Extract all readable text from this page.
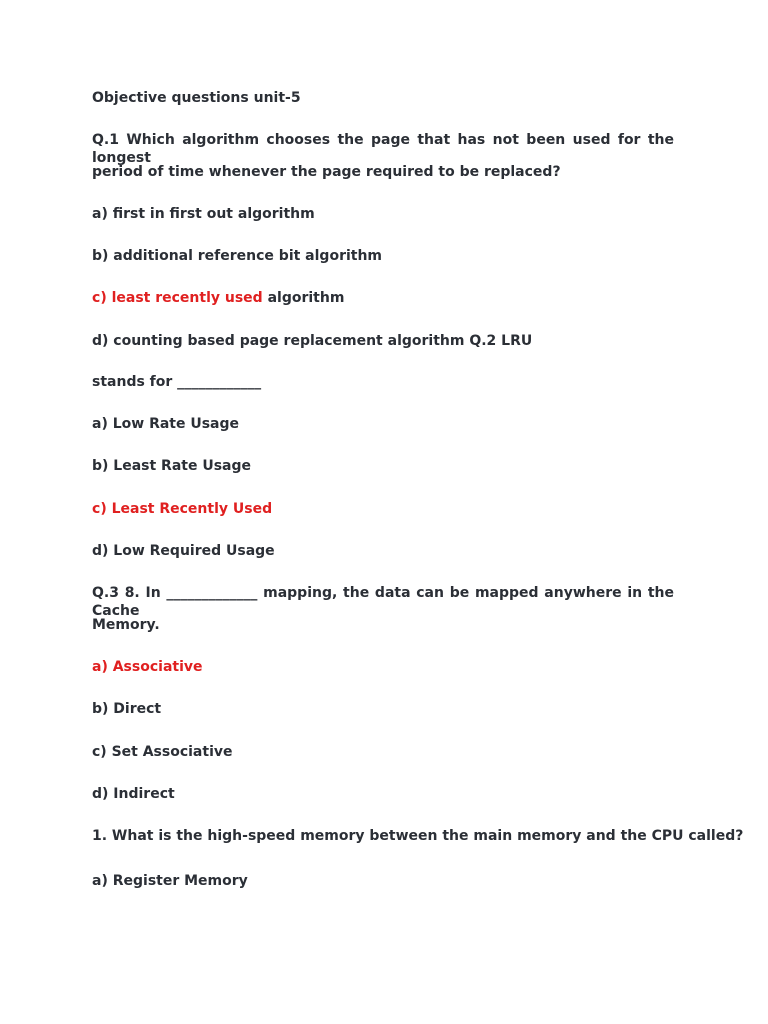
Objective questions unit-5
Q.1 Which algorithm chooses the page that has not been used for the longest
period of time whenever the page required to be replaced?
a) first in first out algorithm
b) additional reference bit algorithm
c) least recently used algorithm
d) counting based page replacement algorithm Q.2 LRU
stands for ____________
a) Low Rate Usage
b) Least Rate Usage
c) Least Recently Used
d) Low Required Usage
Q.3 8. In _____________ mapping, the data can be mapped anywhere in the Cache
Memory.
a) Associative
b) Direct
c) Set Associative
d) Indirect
1. What is the high-speed memory between the main memory and the CPU called?
a) Register Memory
